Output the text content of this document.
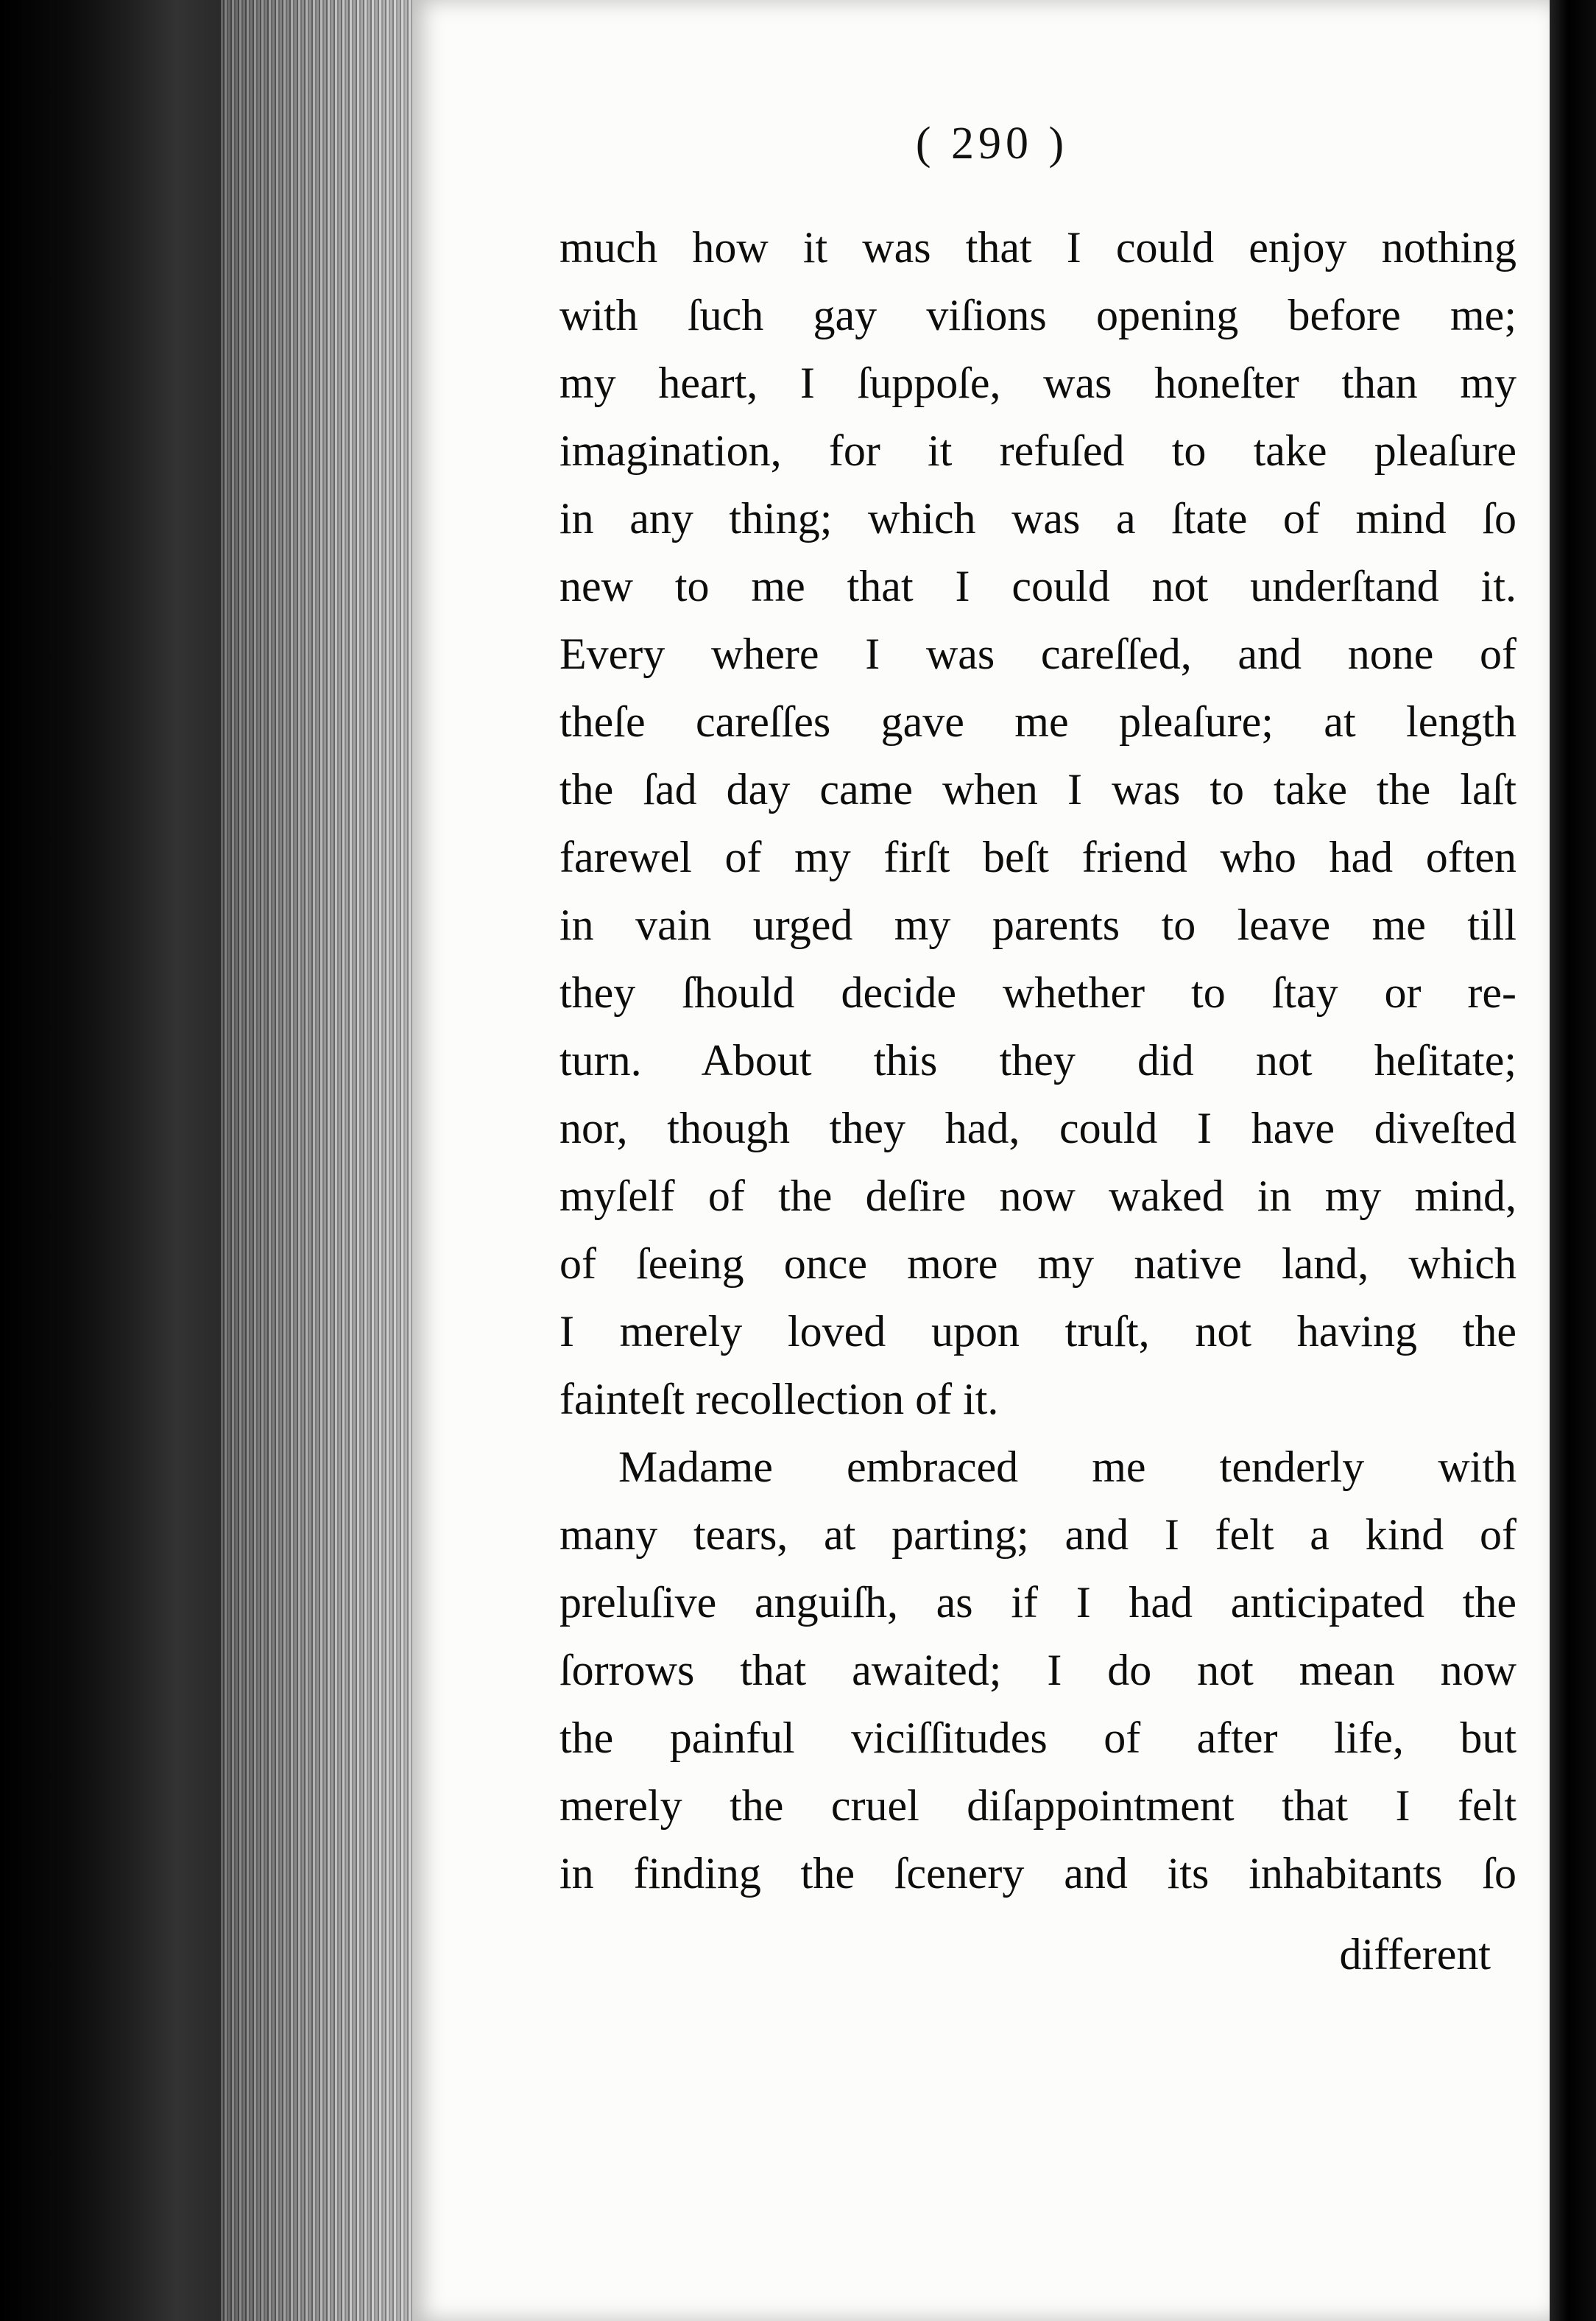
( 290 )
much how it was that I could enjoy nothing
with ſuch gay viſions opening before me;
my heart, I ſuppoſe, was honeſter than my
imagination, for it refuſed to take pleaſure
in any thing; which was a ſtate of mind ſo
new to me that I could not underſtand it.
Every where I was careſſed, and none of
theſe careſſes gave me pleaſure; at length
the ſad day came when I was to take the laſt
farewel of my firſt beſt friend who had often
in vain urged my parents to leave me till
they ſhould decide whether to ſtay or re-
turn. About this they did not heſitate;
nor, though they had, could I have diveſted
myſelf of the deſire now waked in my mind,
of ſeeing once more my native land, which
I merely loved upon truſt, not having the
fainteſt recollection of it.
Madame embraced me tenderly with
many tears, at parting; and I felt a kind of
preluſive anguiſh, as if I had anticipated the
ſorrows that awaited; I do not mean now
the painful viciſſitudes of after life, but
merely the cruel diſappointment that I felt
in finding the ſcenery and its inhabitants ſo
different
